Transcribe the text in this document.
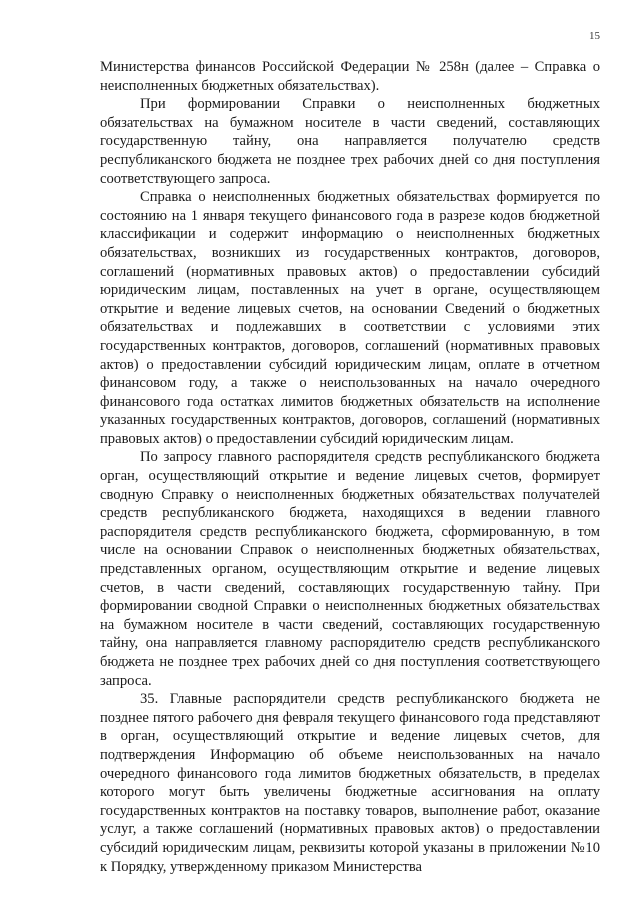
15

Министерства финансов Российской Федерации № 258н (далее – Справка о неисполненных бюджетных обязательствах).

При формировании Справки о неисполненных бюджетных обязательствах на бумажном носителе в части сведений, составляющих государственную тайну, она направляется получателю средств республиканского бюджета не позднее трех рабочих дней со дня поступления соответствующего запроса.

Справка о неисполненных бюджетных обязательствах формируется по состоянию на 1 января текущего финансового года в разрезе кодов бюджетной классификации и содержит информацию о неисполненных бюджетных обязательствах, возникших из государственных контрактов, договоров, соглашений (нормативных правовых актов) о предоставлении субсидий юридическим лицам, поставленных на учет в органе, осуществляющем открытие и ведение лицевых счетов, на основании Сведений о бюджетных обязательствах и подлежавших в соответствии с условиями этих государственных контрактов, договоров, соглашений (нормативных правовых актов) о предоставлении субсидий юридическим лицам, оплате в отчетном финансовом году, а также о неиспользованных на начало очередного финансового года остатках лимитов бюджетных обязательств на исполнение указанных государственных контрактов, договоров, соглашений (нормативных правовых актов) о предоставлении субсидий юридическим лицам.

По запросу главного распорядителя средств республиканского бюджета орган, осуществляющий открытие и ведение лицевых счетов, формирует сводную Справку о неисполненных бюджетных обязательствах получателей средств республиканского бюджета, находящихся в ведении главного распорядителя средств республиканского бюджета, сформированную, в том числе на основании Справок о неисполненных бюджетных обязательствах, представленных органом, осуществляющим открытие и ведение лицевых счетов, в части сведений, составляющих государственную тайну. При формировании сводной Справки о неисполненных бюджетных обязательствах на бумажном носителе в части сведений, составляющих государственную тайну, она направляется главному распорядителю средств республиканского бюджета не позднее трех рабочих дней со дня поступления соответствующего запроса.

35. Главные распорядители средств республиканского бюджета не позднее пятого рабочего дня февраля текущего финансового года представляют в орган, осуществляющий открытие и ведение лицевых счетов, для подтверждения Информацию об объеме неиспользованных на начало очередного финансового года лимитов бюджетных обязательств, в пределах которого могут быть увеличены бюджетные ассигнования на оплату государственных контрактов на поставку товаров, выполнение работ, оказание услуг, а также соглашений (нормативных правовых актов) о предоставлении субсидий юридическим лицам, реквизиты которой указаны в приложении №10 к Порядку, утвержденному приказом Министерства
